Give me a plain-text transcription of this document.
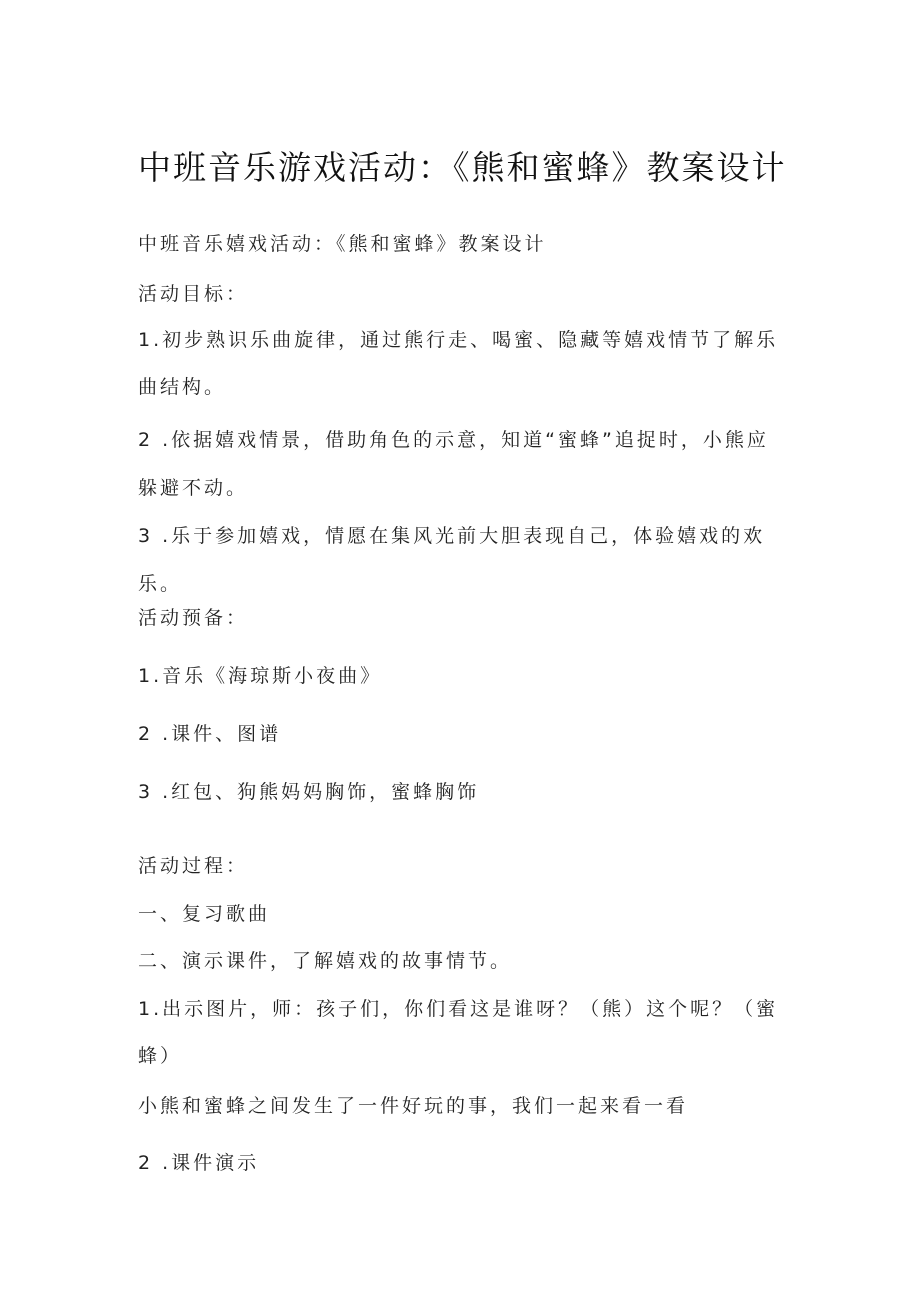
中班音乐游戏活动：《熊和蜜蜂》教案设计
中班音乐嬉戏活动：《熊和蜜蜂》教案设计
活动目标：
1.初步熟识乐曲旋律，通过熊行走、喝蜜、隐藏等嬉戏情节了解乐
曲结构。
2 .依据嬉戏情景，借助角色的示意，知道“蜜蜂”追捉时，小熊应
躲避不动。
3 .乐于参加嬉戏，情愿在集风光前大胆表现自己，体验嬉戏的欢
乐。
活动预备：
1.音乐《海琼斯小夜曲》
2 .课件、图谱
3 .红包、狗熊妈妈胸饰，蜜蜂胸饰
活动过程：
一、复习歌曲
二、演示课件，了解嬉戏的故事情节。
1.出示图片，师：孩子们，你们看这是谁呀？（熊）这个呢？（蜜
蜂）
小熊和蜜蜂之间发生了一件好玩的事，我们一起来看一看
2 .课件演示
